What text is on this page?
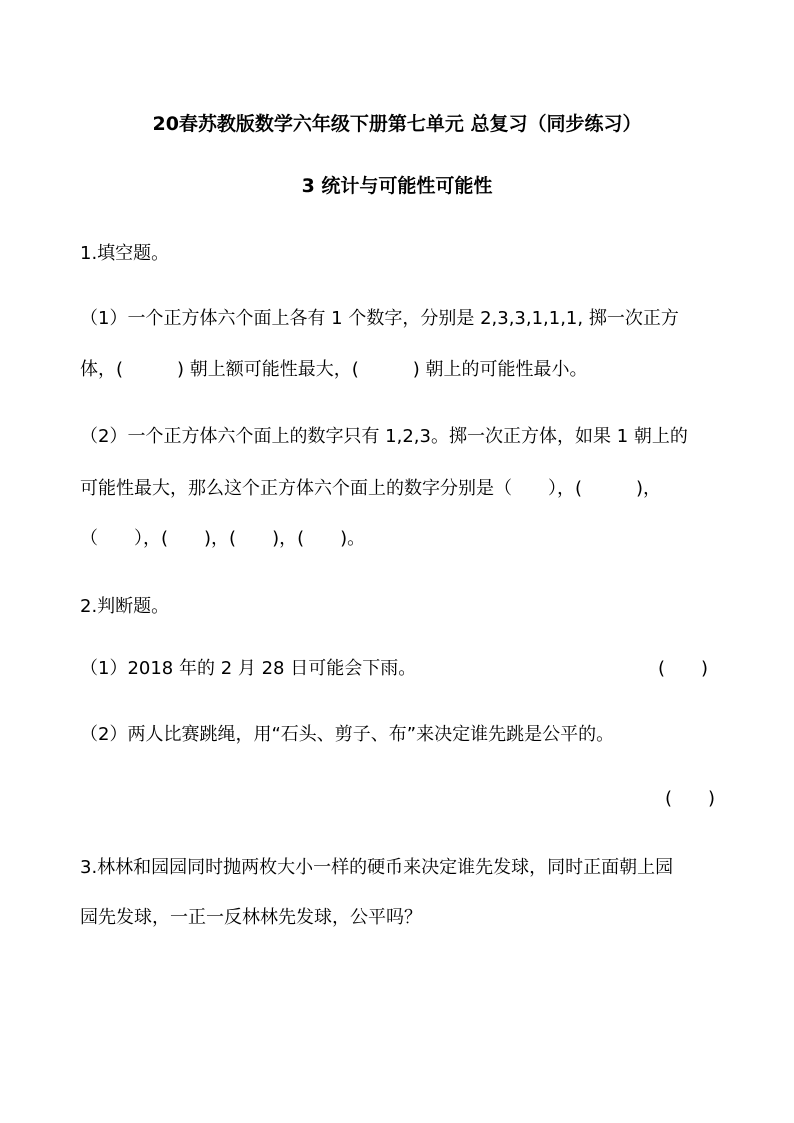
20春苏教版数学六年级下册第七单元 总复习（同步练习）
3 统计与可能性可能性
1.填空题。
（1）一个正方体六个面上各有 1 个数字，分别是 2,3,3,1,1,1, 掷一次正方
体，(　　　) 朝上额可能性最大，(　　　) 朝上的可能性最小。
（2）一个正方体六个面上的数字只有 1,2,3。掷一次正方体，如果 1 朝上的
可能性最大，那么这个正方体六个面上的数字分别是（　　），(　　　)，
（　　），(　　)，(　　)，(　　)。
2.判断题。
（1）2018 年的 2 月 28 日可能会下雨。	(　　)
（2）两人比赛跳绳，用“石头、剪子、布”来决定谁先跳是公平的。
(　　)
3.林林和园园同时抛两枚大小一样的硬币来决定谁先发球，同时正面朝上园
园先发球，一正一反林林先发球，公平吗？
